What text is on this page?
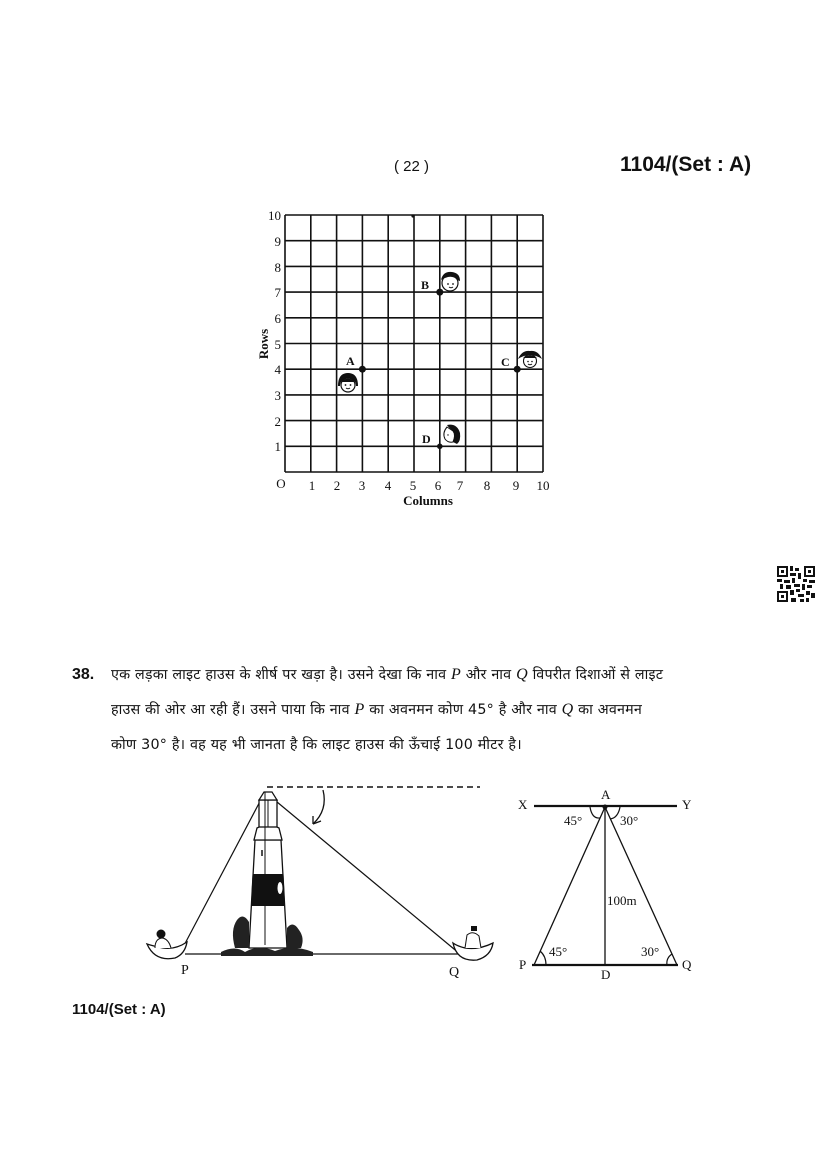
( 22 )	1104/(Set : A)
10
9
8
7
6
5
4
3
2
1
O 1 2 3 4 5 6 7 8 9 10
Columns
Rows
A
B
C
D
38. एक लड़का लाइट हाउस के शीर्ष पर खड़ा है। उसने देखा कि नाव P और नाव Q विपरीत दिशाओं से लाइट
हाउस की ओर आ रही हैं। उसने पाया कि नाव P का अवनमन कोण 45° है और नाव Q का अवनमन
कोण 30° है। वह यह भी जानता है कि लाइट हाउस की ऊँचाई 100 मीटर है।
P	Q
A
X	Y
45°	30°
100m
45°	30°
P
D
Q
1104/(Set : A)
